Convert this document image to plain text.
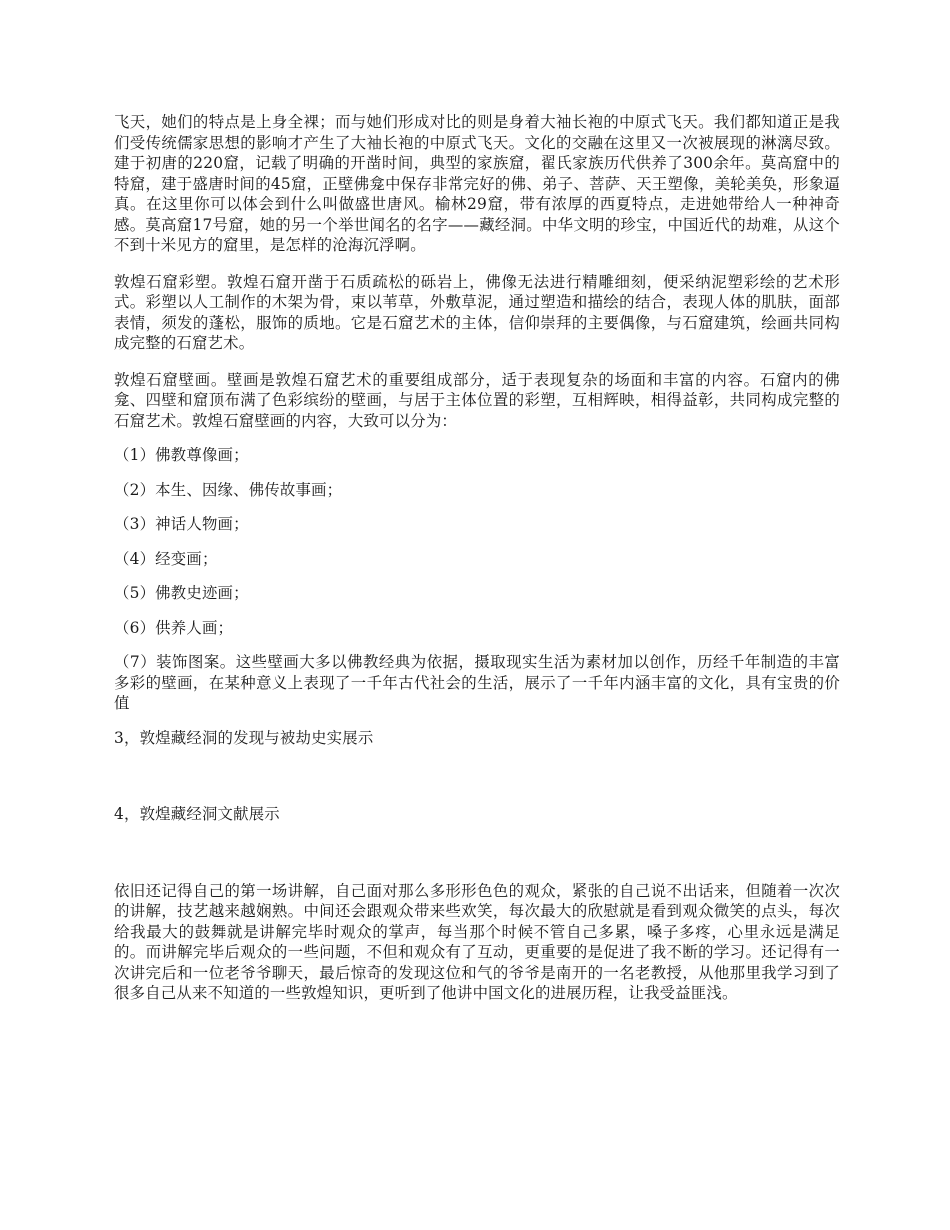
飞天，她们的特点是上身全裸；而与她们形成对比的则是身着大袖长袍的中原式飞天。我们都知道正是我们受传统儒家思想的影响才产生了大袖长袍的中原式飞天。文化的交融在这里又一次被展现的淋漓尽致。建于初唐的220窟，记载了明确的开凿时间，典型的家族窟，翟氏家族历代供养了300余年。莫高窟中的特窟，建于盛唐时间的45窟，正壁佛龛中保存非常完好的佛、弟子、菩萨、天王塑像，美轮美奂，形象逼真。在这里你可以体会到什么叫做盛世唐风。榆林29窟，带有浓厚的西夏特点，走进她带给人一种神奇感。莫高窟17号窟，她的另一个举世闻名的名字——藏经洞。中华文明的珍宝，中国近代的劫难，从这个不到十米见方的窟里，是怎样的沧海沉浮啊。

敦煌石窟彩塑。敦煌石窟开凿于石质疏松的砾岩上，佛像无法进行精雕细刻，便采纳泥塑彩绘的艺术形式。彩塑以人工制作的木架为骨，束以苇草，外敷草泥，通过塑造和描绘的结合，表现人体的肌肤，面部表情，须发的蓬松，服饰的质地。它是石窟艺术的主体，信仰崇拜的主要偶像，与石窟建筑，绘画共同构成完整的石窟艺术。

敦煌石窟壁画。壁画是敦煌石窟艺术的重要组成部分，适于表现复杂的场面和丰富的内容。石窟内的佛龛、四壁和窟顶布满了色彩缤纷的壁画，与居于主体位置的彩塑，互相辉映，相得益彰，共同构成完整的石窟艺术。敦煌石窟壁画的内容，大致可以分为：

（1）佛教尊像画；

（2）本生、因缘、佛传故事画；

（3）神话人物画；

（4）经变画；

（5）佛教史迹画；

（6）供养人画；

（7）装饰图案。这些壁画大多以佛教经典为依据，摄取现实生活为素材加以创作，历经千年制造的丰富多彩的壁画，在某种意义上表现了一千年古代社会的生活，展示了一千年内涵丰富的文化，具有宝贵的价值

3，敦煌藏经洞的发现与被劫史实展示

4，敦煌藏经洞文献展示

依旧还记得自己的第一场讲解，自己面对那么多形形色色的观众，紧张的自己说不出话来，但随着一次次的讲解，技艺越来越娴熟。中间还会跟观众带来些欢笑，每次最大的欣慰就是看到观众微笑的点头，每次给我最大的鼓舞就是讲解完毕时观众的掌声，每当那个时候不管自己多累，嗓子多疼，心里永远是满足的。而讲解完毕后观众的一些问题，不但和观众有了互动，更重要的是促进了我不断的学习。还记得有一次讲完后和一位老爷爷聊天，最后惊奇的发现这位和气的爷爷是南开的一名老教授，从他那里我学习到了很多自己从来不知道的一些敦煌知识，更听到了他讲中国文化的进展历程，让我受益匪浅。
